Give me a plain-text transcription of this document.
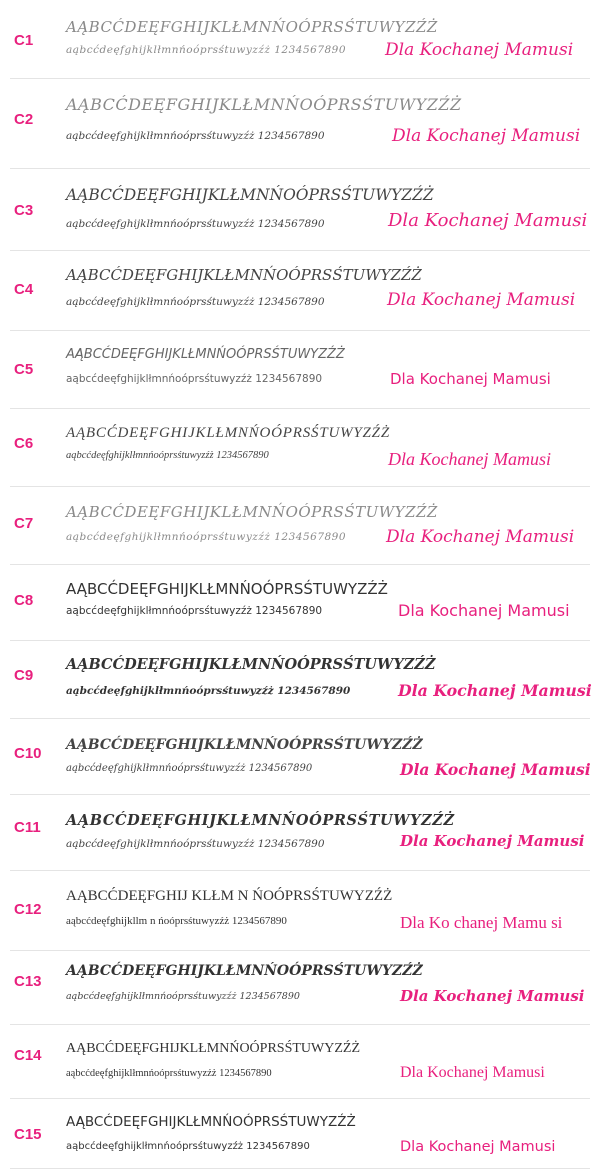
C1
AĄBCĆDEĘFGHIJKLŁMNŃOÓPRSŚTUWYZŹŻ
aąbcćdeęfghijklłmnńoóprsśtuwyzźż 1234567890 Dla Kochanej Mamusi
C2
AĄBCĆDEĘFGHIJKLŁMNŃOÓPRSŚTUWYZŹŻ
aąbcćdeęfghijklłmnńoóprsśtuwyzźż 1234567890	Dla Kochanej Mamusi
C3
AĄBCĆDEĘFGHIJKLŁMNŃOÓPRSŚTUWYZŹŻ
aąbcćdeęfghijklłmnńoóprsśtuwyzźż 1234567890	Dla Kochanej Mamusi
C4
AĄBCĆDEĘFGHIJKLŁMNŃOÓPRSŚTUWYZŹŻ
aąbcćdeęfghijklłmnńoóprsśtuwyzźż 1234567890	Dla Kochanej Mamusi
C5
AĄBCĆDEĘFGHIJKLŁMNŃOÓPRSŚTUWYZŹŻ
aąbcćdeęfghijklłmnńoóprsśtuwyzźż 1234567890	Dla Kochanej Mamusi
C6
AĄBCĆDEĘFGHIJKLŁMNŃOÓPRSŚTUWYZŹŻ
aąbcćdeęfghijklłmnńoóprsśtuwyzźż 1234567890	Dla Kochanej Mamusi
C7
AĄBCĆDEĘFGHIJKLŁMNŃOÓPRSŚTUWYZŹŻ
aąbcćdeęfghijklłmnńoóprsśtuwyzźż 1234567890 Dla Kochanej Mamusi
C8
AĄBCĆDEĘFGHIJKLŁMNŃOÓPRSŚTUWYZŹŻ
aąbcćdeęfghijklłmnńoóprsśtuwyzźż 1234567890	Dla Kochanej Mamusi
C9
AĄBCĆDEĘFGHIJKLŁMNŃOÓPRSŚTUWYZŹŻ
aąbcćdeęfghijklłmnńoóprsśtuwyzźż 1234567890	Dla Kochanej Mamusi
C10 AĄBCĆDEĘFGHIJKLŁMNŃOÓPRSŚTUWYZŹŻ
aąbcćdeęfghijklłmnńoóprsśtuwyzźż 1234567890	Dla Kochanej Mamusi
C11 AĄBCĆDEĘFGHIJKLŁMNŃOÓPRSŚTUWYZŹŻ
aąbcćdeęfghijklłmnńoóprsśtuwyzźż 1234567890	Dla Kochanej Mamusi
C12
AĄBCĆDEĘFGHIJ KLŁM N ŃOÓPRSŚTUWYZŹŻ
aąbcćdeęfghijkllm n ńoóprsśtuwyzźż 1234567890	Dla Ko chanej Mamu si
C13
AĄBCĆDEĘFGHIJKLŁMNŃOÓPRSŚTUWYZŹŻ
aąbcćdeęfghijklłmnńoóprsśtuwyzźż 1234567890	Dla Kochanej Mamusi
C14 AĄBCĆDEĘFGHIJKLŁMNŃOÓPRSŚTUWYZŹŻ
aąbcćdeęfghijklłmnńoóprsśtuwyzźż 1234567890	Dla Kochanej Mamusi
C15
AĄBCĆDEĘFGHIJKLŁMNŃOÓPRSŚTUWYZŹŻ
aąbcćdeęfghijklłmnńoóprsśtuwyzźż 1234567890	Dla Kochanej Mamusi
